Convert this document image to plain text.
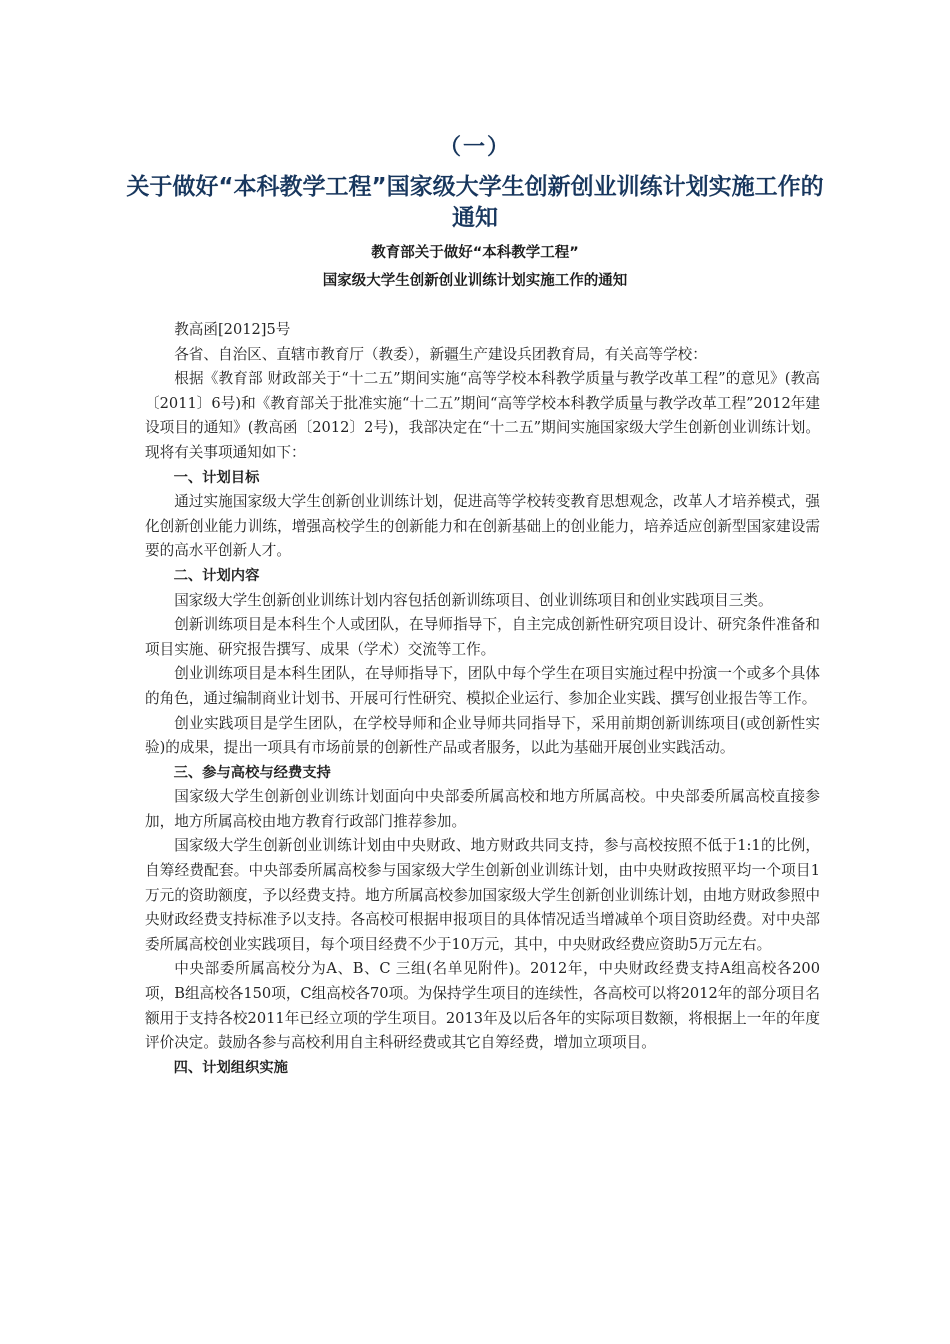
（一）
关于做好“本科教学工程”国家级大学生创新创业训练计划实施工作的通知
教育部关于做好“本科教学工程”
国家级大学生创新创业训练计划实施工作的通知

教高函[2012]5号

各省、自治区、直辖市教育厅（教委），新疆生产建设兵团教育局，有关高等学校：

根据《教育部 财政部关于“十二五”期间实施“高等学校本科教学质量与教学改革工程”的意见》(教高〔2011〕6号)和《教育部关于批准实施“十二五”期间“高等学校本科教学质量与教学改革工程”2012年建设项目的通知》(教高函〔2012〕2号)，我部决定在“十二五”期间实施国家级大学生创新创业训练计划。现将有关事项通知如下：

一、计划目标

通过实施国家级大学生创新创业训练计划，促进高等学校转变教育思想观念，改革人才培养模式，强化创新创业能力训练，增强高校学生的创新能力和在创新基础上的创业能力，培养适应创新型国家建设需要的高水平创新人才。

二、计划内容

国家级大学生创新创业训练计划内容包括创新训练项目、创业训练项目和创业实践项目三类。

创新训练项目是本科生个人或团队，在导师指导下，自主完成创新性研究项目设计、研究条件准备和项目实施、研究报告撰写、成果（学术）交流等工作。

创业训练项目是本科生团队，在导师指导下，团队中每个学生在项目实施过程中扮演一个或多个具体的角色，通过编制商业计划书、开展可行性研究、模拟企业运行、参加企业实践、撰写创业报告等工作。

创业实践项目是学生团队，在学校导师和企业导师共同指导下，采用前期创新训练项目(或创新性实验)的成果，提出一项具有市场前景的创新性产品或者服务，以此为基础开展创业实践活动。

三、参与高校与经费支持

国家级大学生创新创业训练计划面向中央部委所属高校和地方所属高校。中央部委所属高校直接参加，地方所属高校由地方教育行政部门推荐参加。

国家级大学生创新创业训练计划由中央财政、地方财政共同支持，参与高校按照不低于1:1的比例，自筹经费配套。中央部委所属高校参与国家级大学生创新创业训练计划，由中央财政按照平均一个项目1万元的资助额度，予以经费支持。地方所属高校参加国家级大学生创新创业训练计划，由地方财政参照中央财政经费支持标准予以支持。各高校可根据申报项目的具体情况适当增减单个项目资助经费。对中央部委所属高校创业实践项目，每个项目经费不少于10万元，其中，中央财政经费应资助5万元左右。

中央部委所属高校分为A、B、C 三组(名单见附件)。2012年，中央财政经费支持A组高校各200项，B组高校各150项，C组高校各70项。为保持学生项目的连续性，各高校可以将2012年的部分项目名额用于支持各校2011年已经立项的学生项目。2013年及以后各年的实际项目数额，将根据上一年的年度评价决定。鼓励各参与高校利用自主科研经费或其它自筹经费，增加立项项目。

四、计划组织实施
